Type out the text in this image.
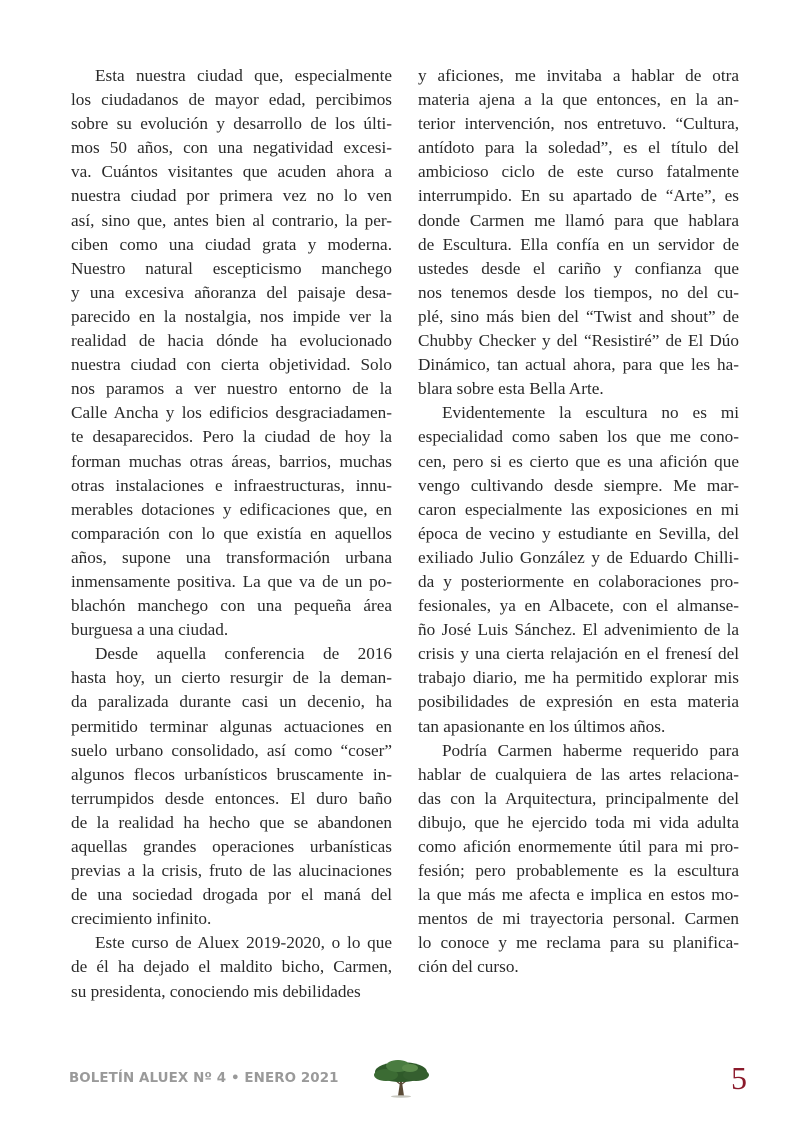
Esta nuestra ciudad que, especialmente
los ciudadanos de mayor edad, percibimos
sobre su evolución y desarrollo de los últi-
mos 50 años, con una negatividad excesi-
va. Cuántos visitantes que acuden ahora a
nuestra ciudad por primera vez no lo ven
así, sino que, antes bien al contrario, la per-
ciben como una ciudad grata y moderna.
Nuestro natural escepticismo manchego
y una excesiva añoranza del paisaje desa-
parecido en la nostalgia, nos impide ver la
realidad de hacia dónde ha evolucionado
nuestra ciudad con cierta objetividad. Solo
nos paramos a ver nuestro entorno de la
Calle Ancha y los edificios desgraciadamen-
te desaparecidos. Pero la ciudad de hoy la
forman muchas otras áreas, barrios, muchas
otras instalaciones e infraestructuras, innu-
merables dotaciones y edificaciones que, en
comparación con lo que existía en aquellos
años, supone una transformación urbana
inmensamente positiva. La que va de un po-
blachón manchego con una pequeña área
burguesa a una ciudad.

Desde aquella conferencia de 2016
hasta hoy, un cierto resurgir de la deman-
da paralizada durante casi un decenio, ha
permitido terminar algunas actuaciones en
suelo urbano consolidado, así como “coser”
algunos flecos urbanísticos bruscamente in-
terrumpidos desde entonces. El duro baño
de la realidad ha hecho que se abandonen
aquellas grandes operaciones urbanísticas
previas a la crisis, fruto de las alucinaciones
de una sociedad drogada por el maná del
crecimiento infinito.

Este curso de Aluex 2019-2020, o lo que
de él ha dejado el maldito bicho, Carmen,
su presidenta, conociendo mis debilidades

y aficiones, me invitaba a hablar de otra
materia ajena a la que entonces, en la an-
terior intervención, nos entretuvo. “Cultura,
antídoto para la soledad”, es el título del
ambicioso ciclo de este curso fatalmente
interrumpido. En su apartado de “Arte”, es
donde Carmen me llamó para que hablara
de Escultura. Ella confía en un servidor de
ustedes desde el cariño y confianza que
nos tenemos desde los tiempos, no del cu-
plé, sino más bien del “Twist and shout” de
Chubby Checker y del “Resistiré” de El Dúo
Dinámico, tan actual ahora, para que les ha-
blara sobre esta Bella Arte.

Evidentemente la escultura no es mi
especialidad como saben los que me cono-
cen, pero si es cierto que es una afición que
vengo cultivando desde siempre. Me mar-
caron especialmente las exposiciones en mi
época de vecino y estudiante en Sevilla, del
exiliado Julio González y de Eduardo Chilli-
da y posteriormente en colaboraciones pro-
fesionales, ya en Albacete, con el almanse-
ño José Luis Sánchez. El advenimiento de la
crisis y una cierta relajación en el frenesí del
trabajo diario, me ha permitido explorar mis
posibilidades de expresión en esta materia
tan apasionante en los últimos años.

Podría Carmen haberme requerido para
hablar de cualquiera de las artes relaciona-
das con la Arquitectura, principalmente del
dibujo, que he ejercido toda mi vida adulta
como afición enormemente útil para mi pro-
fesión; pero probablemente es la escultura
la que más me afecta e implica en estos mo-
mentos de mi trayectoria personal. Carmen
lo conoce y me reclama para su planifica-
ción del curso.

BOLETÍN ALUEX Nº 4 • ENERO 2021	5
